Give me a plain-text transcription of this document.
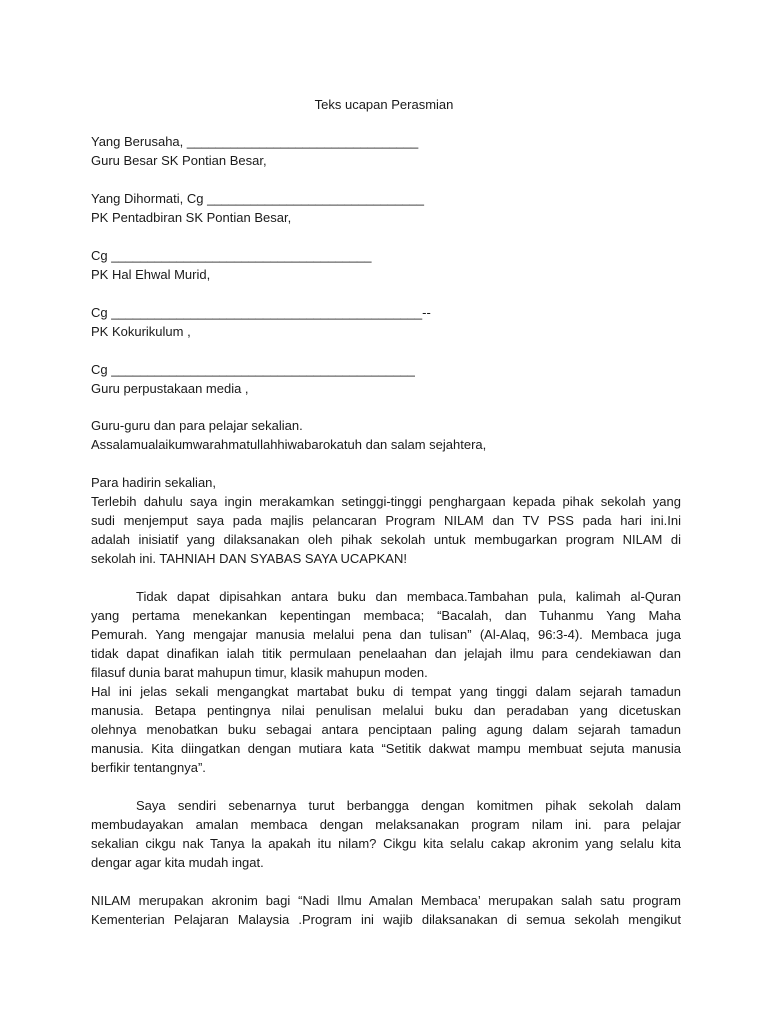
Teks ucapan Perasmian
Yang Berusaha, ________________________________
Guru Besar SK Pontian Besar,
Yang Dihormati, Cg ______________________________
PK Pentadbiran SK Pontian Besar,
Cg ____________________________________
PK Hal Ehwal Murid,
Cg ___________________________________________--
PK Kokurikulum ,
Cg __________________________________________
Guru perpustakaan media ,
Guru-guru dan para pelajar sekalian.
Assalamualaikumwarahmatullahhiwabarokatuh dan salam sejahtera,
Para hadirin sekalian,
Terlebih dahulu saya ingin merakamkan setinggi-tinggi penghargaan kepada pihak sekolah yang
sudi menjemput saya pada majlis pelancaran Program NILAM dan TV PSS pada hari ini.Ini
adalah inisiatif yang dilaksanakan oleh pihak sekolah untuk membugarkan program NILAM di
sekolah ini. TAHNIAH DAN SYABAS SAYA UCAPKAN!
Tidak dapat dipisahkan antara buku dan membaca.Tambahan pula, kalimah al-Quran
yang pertama menekankan kepentingan membaca; “Bacalah, dan Tuhanmu Yang Maha
Pemurah. Yang mengajar manusia melalui pena dan tulisan” (Al-Alaq, 96:3-4). Membaca juga
tidak dapat dinafikan ialah titik permulaan penelaahan dan jelajah ilmu para cendekiawan dan
filasuf dunia barat mahupun timur, klasik mahupun moden.
Hal ini jelas sekali mengangkat martabat buku di tempat yang tinggi dalam sejarah tamadun
manusia. Betapa pentingnya nilai penulisan melalui buku dan peradaban yang dicetuskan
olehnya menobatkan buku sebagai antara penciptaan paling agung dalam sejarah tamadun
manusia. Kita diingatkan dengan mutiara kata “Setitik dakwat mampu membuat sejuta manusia
berfikir tentangnya”.
Saya sendiri sebenarnya turut berbangga dengan komitmen pihak sekolah dalam
membudayakan amalan membaca dengan melaksanakan program nilam ini. para pelajar
sekalian cikgu nak Tanya la apakah itu nilam? Cikgu kita selalu cakap akronim yang selalu kita
dengar agar kita mudah ingat.
NILAM merupakan akronim bagi “Nadi Ilmu Amalan Membaca’ merupakan salah satu program
Kementerian Pelajaran Malaysia .Program ini wajib dilaksanakan di semua sekolah mengikut
